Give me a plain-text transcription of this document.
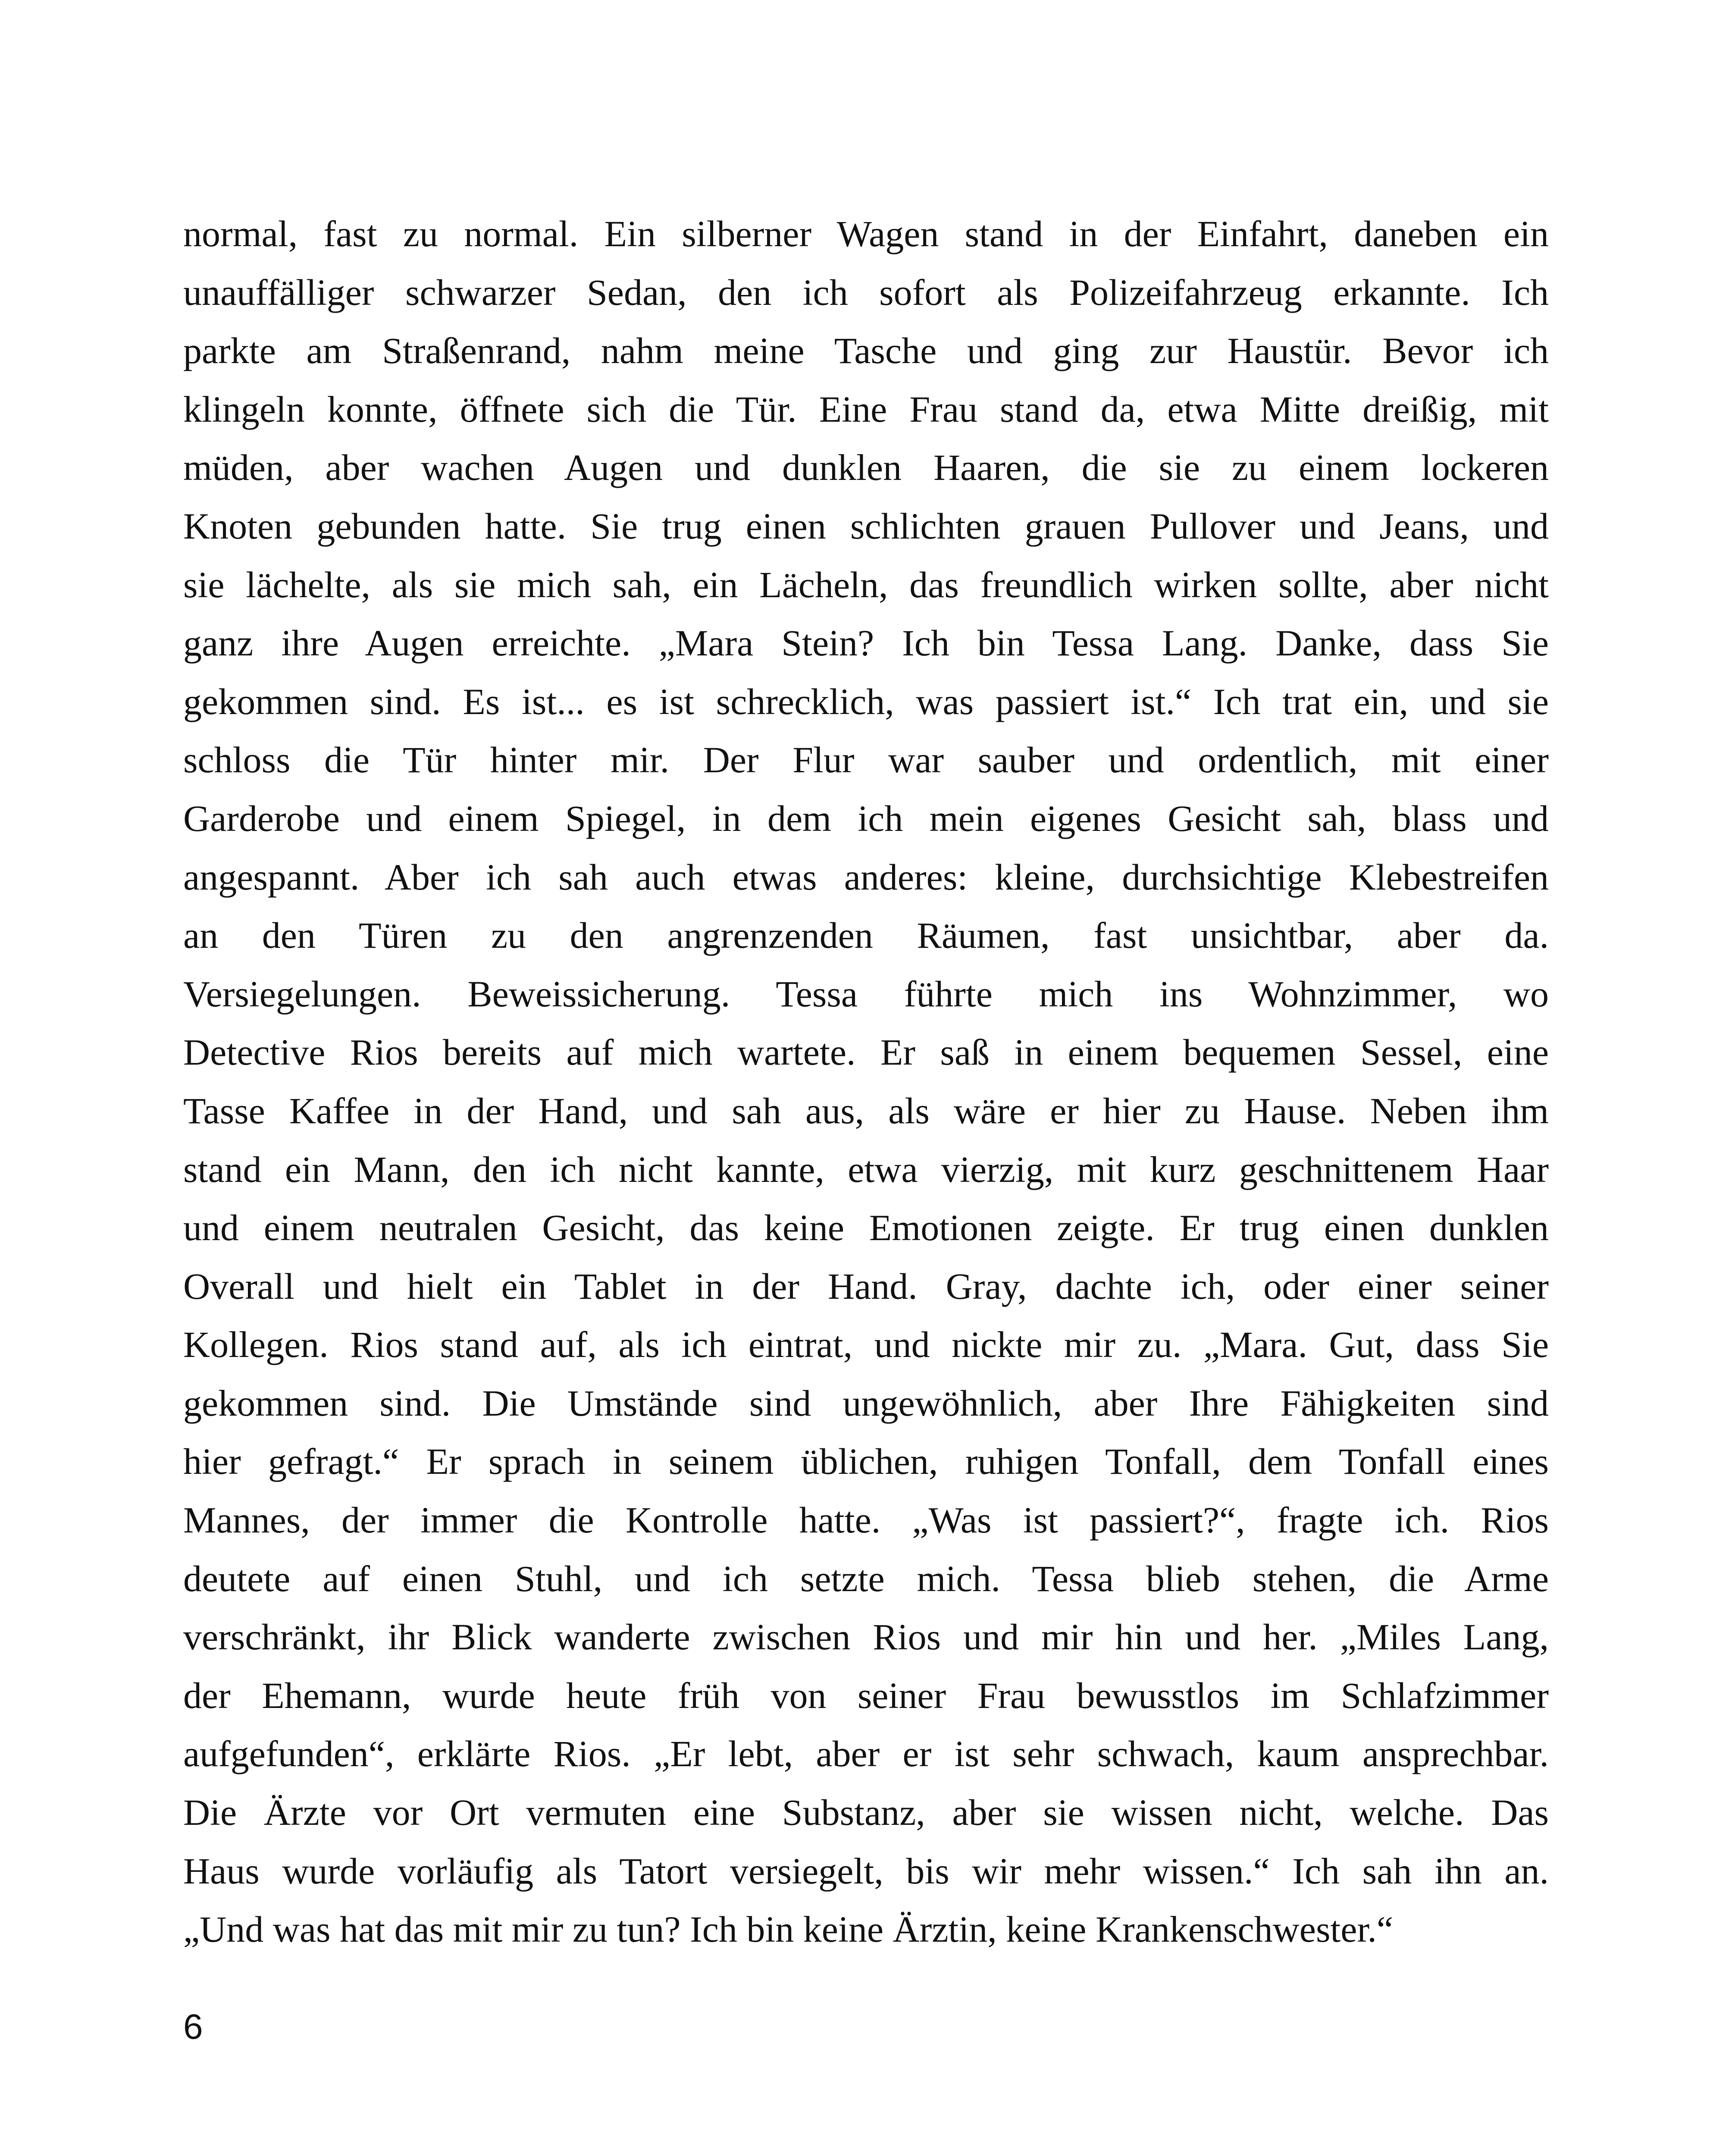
normal, fast zu normal. Ein silberner Wagen stand in der Einfahrt, daneben ein
unauffälliger schwarzer Sedan, den ich sofort als Polizeifahrzeug erkannte. Ich
parkte am Straßenrand, nahm meine Tasche und ging zur Haustür. Bevor ich
klingeln konnte, öffnete sich die Tür. Eine Frau stand da, etwa Mitte dreißig, mit
müden, aber wachen Augen und dunklen Haaren, die sie zu einem lockeren
Knoten gebunden hatte. Sie trug einen schlichten grauen Pullover und Jeans, und
sie lächelte, als sie mich sah, ein Lächeln, das freundlich wirken sollte, aber nicht
ganz ihre Augen erreichte. „Mara Stein? Ich bin Tessa Lang. Danke, dass Sie
gekommen sind. Es ist... es ist schrecklich, was passiert ist.“ Ich trat ein, und sie
schloss die Tür hinter mir. Der Flur war sauber und ordentlich, mit einer
Garderobe und einem Spiegel, in dem ich mein eigenes Gesicht sah, blass und
angespannt. Aber ich sah auch etwas anderes: kleine, durchsichtige Klebestreifen
an den Türen zu den angrenzenden Räumen, fast unsichtbar, aber da.
Versiegelungen. Beweissicherung. Tessa führte mich ins Wohnzimmer, wo
Detective Rios bereits auf mich wartete. Er saß in einem bequemen Sessel, eine
Tasse Kaffee in der Hand, und sah aus, als wäre er hier zu Hause. Neben ihm
stand ein Mann, den ich nicht kannte, etwa vierzig, mit kurz geschnittenem Haar
und einem neutralen Gesicht, das keine Emotionen zeigte. Er trug einen dunklen
Overall und hielt ein Tablet in der Hand. Gray, dachte ich, oder einer seiner
Kollegen. Rios stand auf, als ich eintrat, und nickte mir zu. „Mara. Gut, dass Sie
gekommen sind. Die Umstände sind ungewöhnlich, aber Ihre Fähigkeiten sind
hier gefragt.“ Er sprach in seinem üblichen, ruhigen Tonfall, dem Tonfall eines
Mannes, der immer die Kontrolle hatte. „Was ist passiert?“, fragte ich. Rios
deutete auf einen Stuhl, und ich setzte mich. Tessa blieb stehen, die Arme
verschränkt, ihr Blick wanderte zwischen Rios und mir hin und her. „Miles Lang,
der Ehemann, wurde heute früh von seiner Frau bewusstlos im Schlafzimmer
aufgefunden“, erklärte Rios. „Er lebt, aber er ist sehr schwach, kaum ansprechbar.
Die Ärzte vor Ort vermuten eine Substanz, aber sie wissen nicht, welche. Das
Haus wurde vorläufig als Tatort versiegelt, bis wir mehr wissen.“ Ich sah ihn an.
„Und was hat das mit mir zu tun? Ich bin keine Ärztin, keine Krankenschwester.“
6
